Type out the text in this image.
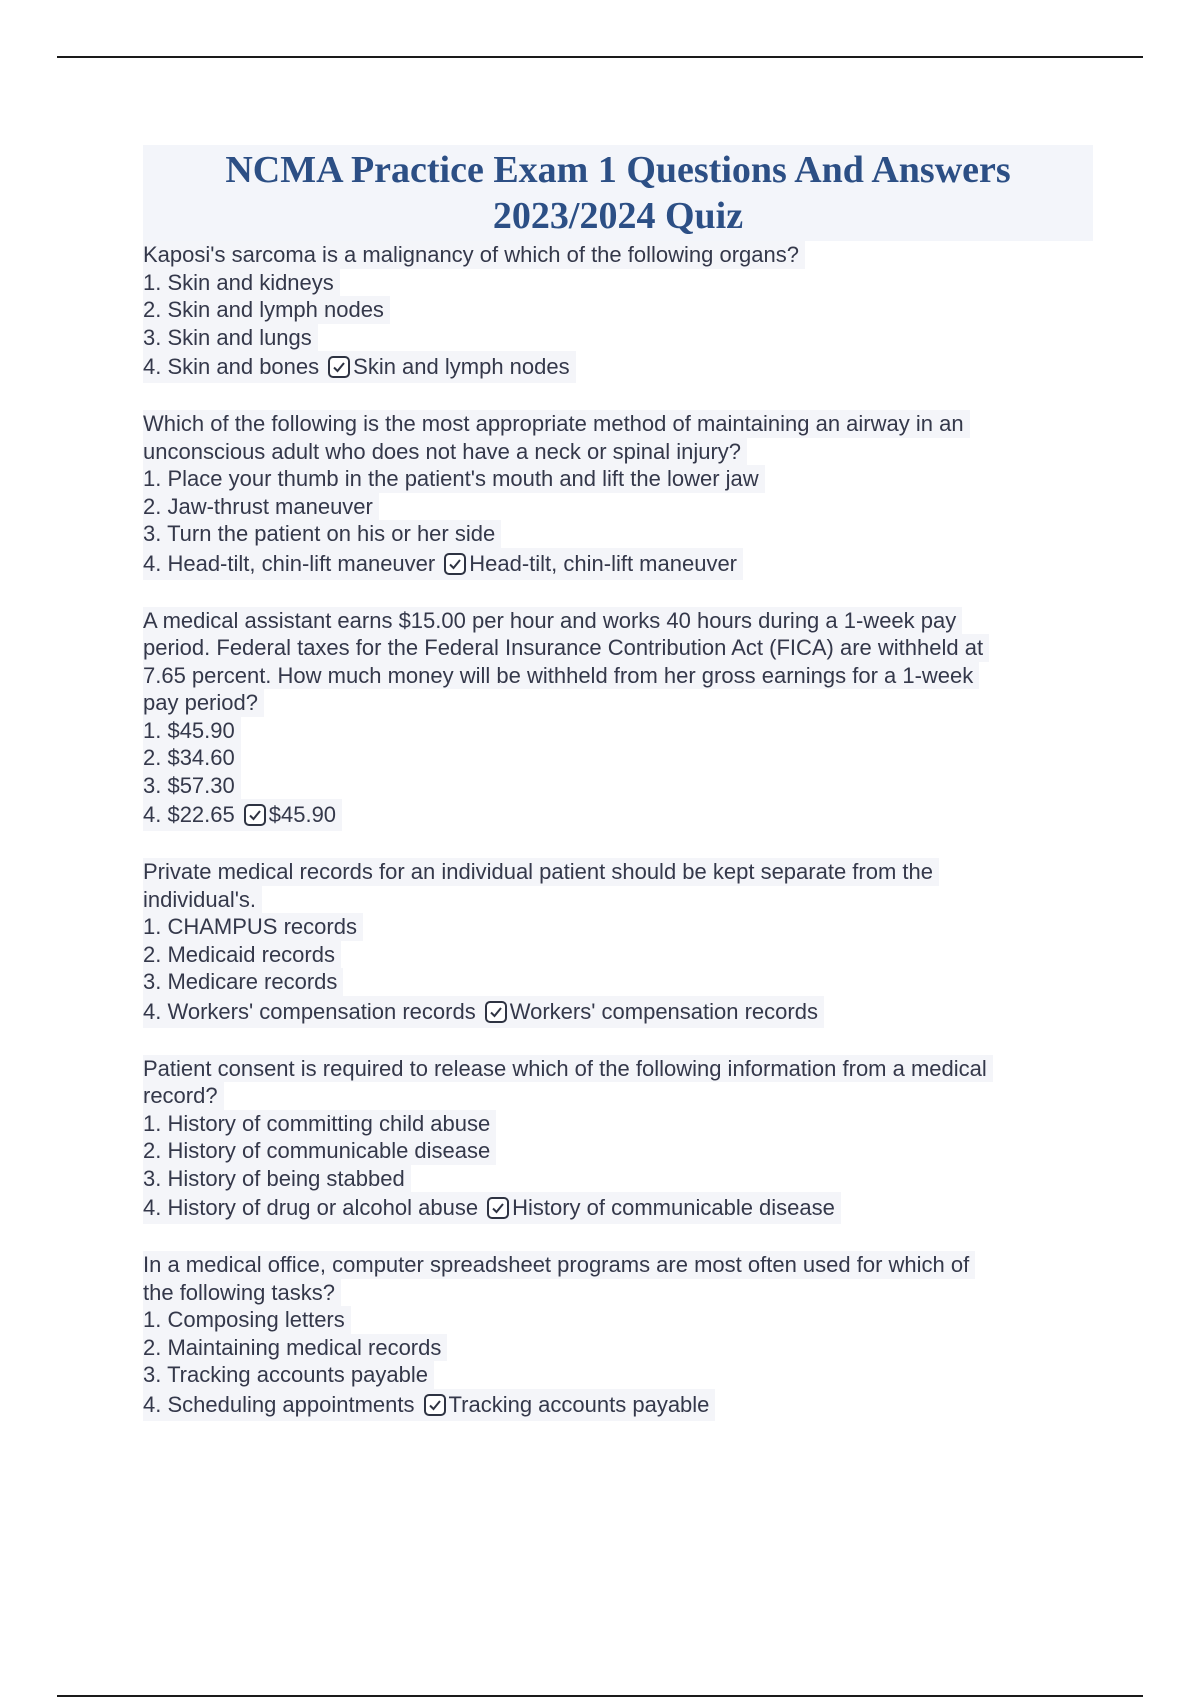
NCMA Practice Exam 1 Questions And Answers
2023/2024 Quiz
Kaposi's sarcoma is a malignancy of which of the following organs?
1. Skin and kidneys
2. Skin and lymph nodes
3. Skin and lungs
4. Skin and bones Skin and lymph nodes
Which of the following is the most appropriate method of maintaining an airway in an
unconscious adult who does not have a neck or spinal injury?
1. Place your thumb in the patient's mouth and lift the lower jaw
2. Jaw-thrust maneuver
3. Turn the patient on his or her side
4. Head-tilt, chin-lift maneuver Head-tilt, chin-lift maneuver
A medical assistant earns $15.00 per hour and works 40 hours during a 1-week pay
period. Federal taxes for the Federal Insurance Contribution Act (FICA) are withheld at
7.65 percent. How much money will be withheld from her gross earnings for a 1-week
pay period?
1. $45.90
2. $34.60
3. $57.30
4. $22.65 $45.90
Private medical records for an individual patient should be kept separate from the
individual's.
1. CHAMPUS records
2. Medicaid records
3. Medicare records
4. Workers' compensation records Workers' compensation records
Patient consent is required to release which of the following information from a medical
record?
1. History of committing child abuse
2. History of communicable disease
3. History of being stabbed
4. History of drug or alcohol abuse History of communicable disease
In a medical office, computer spreadsheet programs are most often used for which of
the following tasks?
1. Composing letters
2. Maintaining medical records
3. Tracking accounts payable
4. Scheduling appointments Tracking accounts payable
